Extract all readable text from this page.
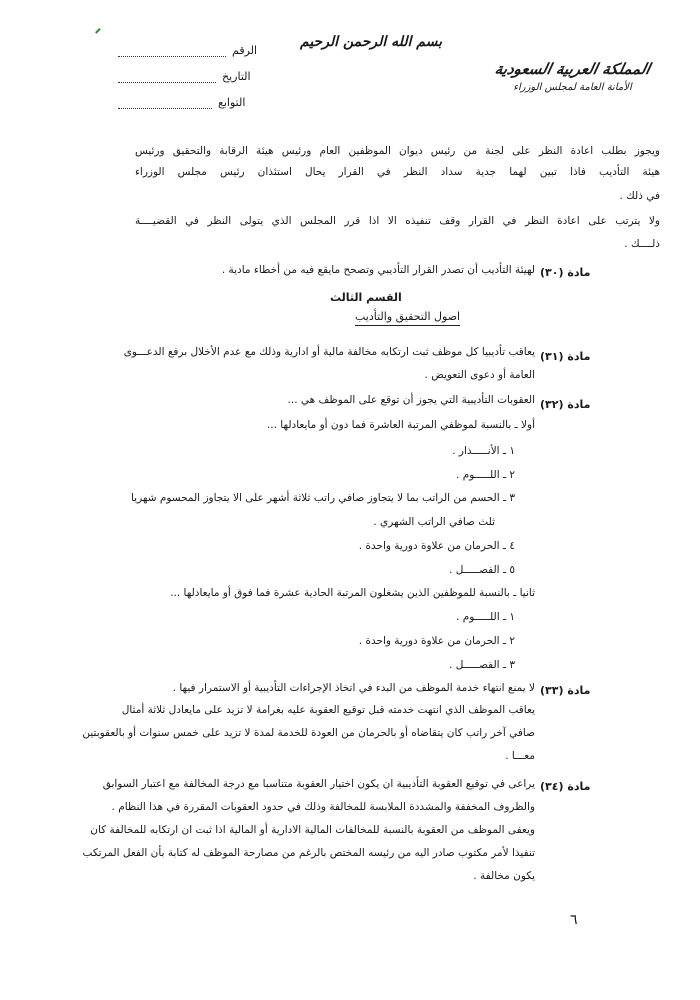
بسم الله الرحمن الرحيم
الرقم
التاريخ
التوابع
المملكة العربية السعودية
الأمانة العامة لمجلس الوزراء
ويجوز بطلب اعادة النظر على لجنة من رئيس ديوان الموظفين العام ورئيس هيئة الرقابة والتحقيق ورئيس
هيئة التأديب فاذا تبين لهما جدية سداد النظر في القرار يحال استئذان رئيس مجلس الوزراء
في ذلك .
ولا يترتب على اعادة النظر في القرار وقف تنفيذه الا اذا قرر المجلس الذي يتولى النظر في القضيــــة
ذلــــك .
مادة (٣٠)
لهيئة التأديب أن تصدر القرار التأديبي وتصحح مايقع فيه من أخطاء مادية .
القسم الثالث
اصول التحقيق والتأديب
مادة (٣١)
يعاقب تأديبيا كل موظف ثبت ارتكابه مخالفة مالية أو ادارية وذلك مع عدم الأخلال برفع الدعـــوى
العامة أو دعوى التعويض .
مادة (٣٢)
العقوبات التأديبية التي يجوز أن توقع على الموظف هي ...
أولا ـ بالنسبة لموظفي المرتبة العاشرة فما دون أو مايعادلها ...
١ ـ الأنـــــذار .
٢ ـ اللـــــوم .
٣ ـ الحسم من الراتب بما لا يتجاوز صافي راتب ثلاثة أشهر على الا يتجاوز المحسوم شهريا
ثلث صافي الراتب الشهري .
٤ ـ الحرمان من علاوة دورية واحدة .
٥ ـ الفصـــــل .
ثانيا ـ بالنسبة للموظفين الذين يشغلون المرتبة الحادية عشرة فما فوق أو مايعادلها ...
١ ـ اللـــــوم .
٢ ـ الحرمان من علاوة دورية واحدة .
٣ ـ الفصـــــل .
مادة (٣٣)
لا يمنع انتهاء خدمة الموظف من البدء في اتخاذ الإجراءات التأديبية أو الاستمرار فيها .
يعاقب الموظف الذي انتهت خدمته قبل توقيع العقوبة عليه بغرامة لا تزيد على مايعادل ثلاثة أمثال
صافي آخر راتب كان يتقاضاه أو بالحرمان من العودة للخدمة لمدة لا تزيد على خمس سنوات أو بالعقوبتين
معـــا .
مادة (٣٤)
يراعى في توقيع العقوبة التأديبية ان يكون اختيار العقوبة متناسبا مع درجة المخالفة مع اعتبار السوابق
والظروف المخففة والمشددة الملابسة للمخالفة وذلك في حدود العقوبات المقررة في هذا النظام .
ويعفى الموظف من العقوبة بالنسبة للمخالفات المالية الادارية أو المالية اذا ثبت ان ارتكابه للمخالفة كان
تنفيذا لأمر مكتوب صادر اليه من رئيسه المختص بالرغم من مصارحة الموظف له كتابة بأن الفعل المرتكب
يكون مخالفة .
٦
